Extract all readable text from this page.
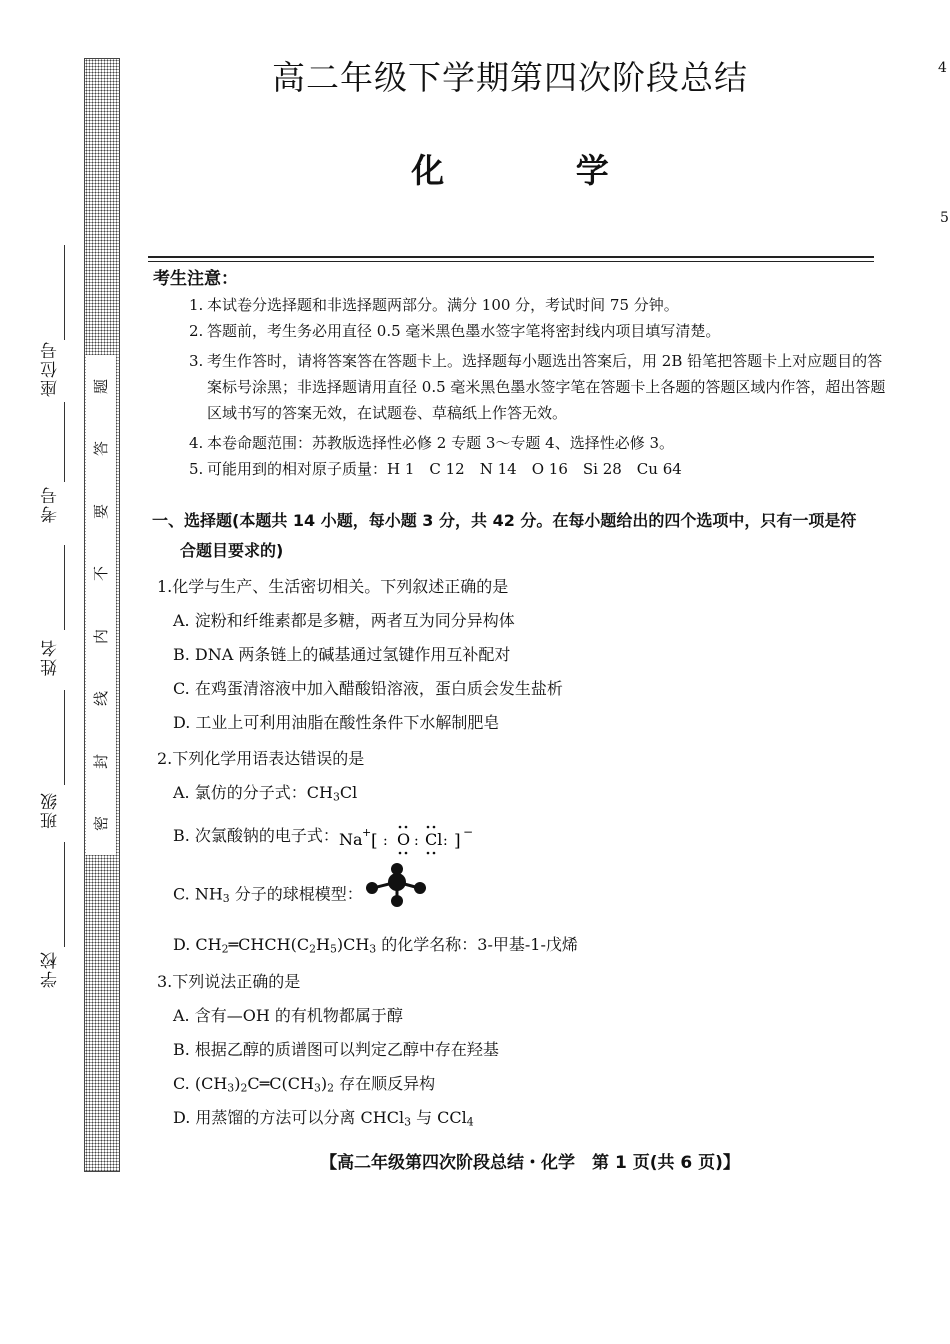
座位号
考号
姓名
班级
学校
题
答
要
不
内
线
封
密
高二年级下学期第四次阶段总结
化 学
4
5
考生注意：
1. 本试卷分选择题和非选择题两部分。满分 100 分，考试时间 75 分钟。
2. 答题前，考生务必用直径 0.5 毫米黑色墨水签字笔将密封线内项目填写清楚。
3. 考生作答时，请将答案答在答题卡上。选择题每小题选出答案后，用 2B 铅笔把答题卡上对应题目的答案标号涂黑；非选择题请用直径 0.5 毫米黑色墨水签字笔在答题卡上各题的答题区域内作答，超出答题区域书写的答案无效，在试题卷、草稿纸上作答无效。
4. 本卷命题范围：苏教版选择性必修 2 专题 3～专题 4、选择性必修 3。
5. 可能用到的相对原子质量：H 1　C 12　N 14　O 16　Si 28　Cu 64
一、选择题(本题共 14 小题，每小题 3 分，共 42 分。在每小题给出的四个选项中，只有一项是符
合题目要求的)
1.化学与生产、生活密切相关。下列叙述正确的是
A. 淀粉和纤维素都是多糖，两者互为同分异构体
B. DNA 两条链上的碱基通过氢键作用互补配对
C. 在鸡蛋清溶液中加入醋酸铅溶液，蛋白质会发生盐析
D. 工业上可利用油脂在酸性条件下水解制肥皂
2.下列化学用语表达错误的是
A. 氯仿的分子式：$CH_3Cl$
B. 次氯酸钠的电子式： Na + [ : O : Cl : ] −
C. $NH_3$ 分子的球棍模型：
D. $CH_2═CHCH(C_2H_5)CH_3$ 的化学名称：3-甲基-1-戊烯
3.下列说法正确的是
A. 含有—OH 的有机物都属于醇
B. 根据乙醇的质谱图可以判定乙醇中存在羟基
C. $(CH_3)_2C═C(CH_3)_2$ 存在顺反异构
D. 用蒸馏的方法可以分离 CHCl$_3$ 与 CCl$_4$
【高二年级第四次阶段总结・化学　第 1 页(共 6 页)】
